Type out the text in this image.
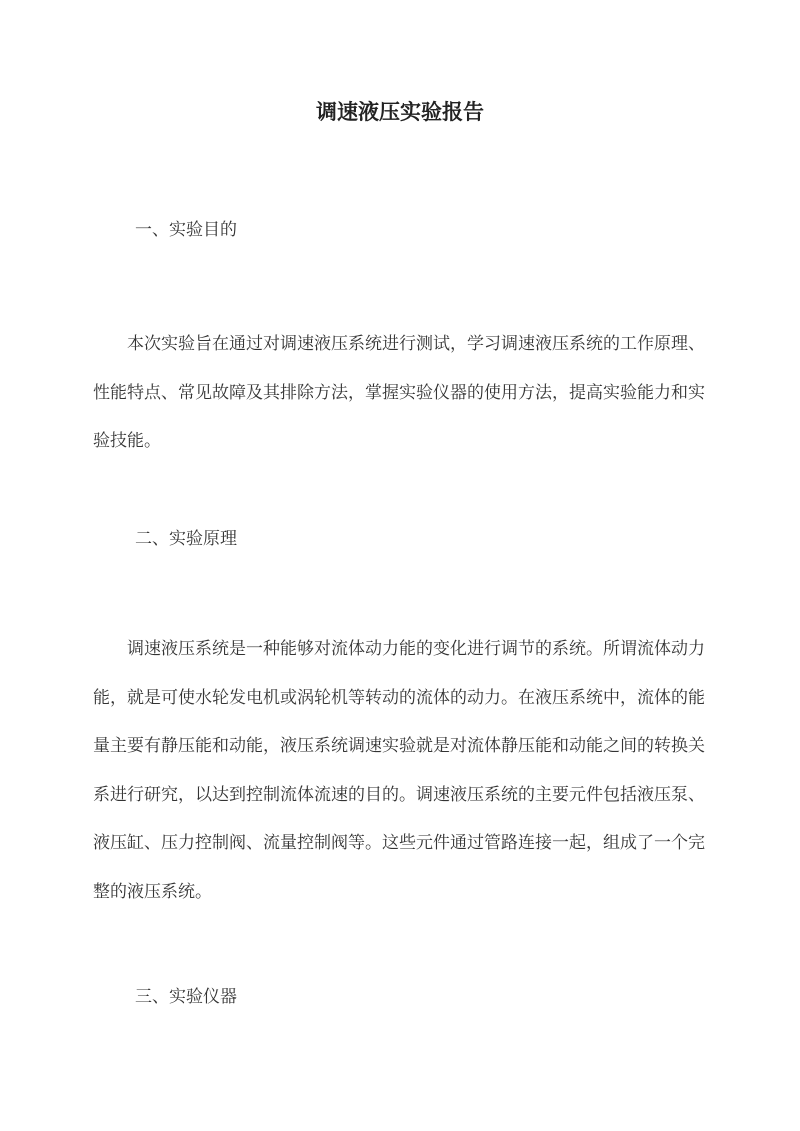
调速液压实验报告
一、实验目的
本次实验旨在通过对调速液压系统进行测试，学习调速液压系统的工作原理、性能特点、常见故障及其排除方法，掌握实验仪器的使用方法，提高实验能力和实验技能。
二、实验原理
调速液压系统是一种能够对流体动力能的变化进行调节的系统。所谓流体动力能，就是可使水轮发电机或涡轮机等转动的流体的动力。在液压系统中，流体的能量主要有静压能和动能，液压系统调速实验就是对流体静压能和动能之间的转换关系进行研究，以达到控制流体流速的目的。调速液压系统的主要元件包括液压泵、液压缸、压力控制阀、流量控制阀等。这些元件通过管路连接一起，组成了一个完整的液压系统。
三、实验仪器
